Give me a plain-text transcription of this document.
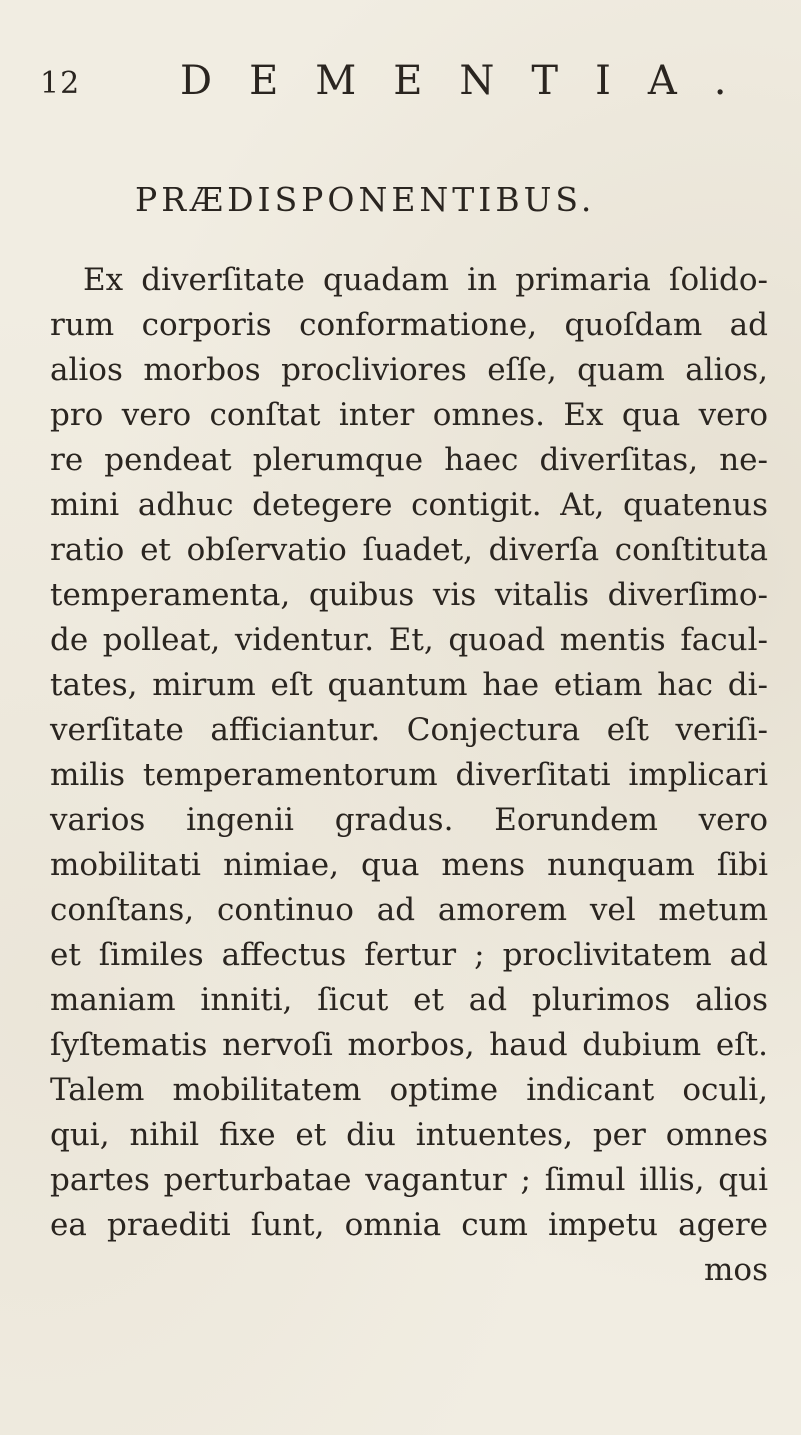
12 DEMENTIA.
PRÆDISPONENTIBUS.
Ex diverſitate quadam in primaria ſolido-
rum corporis conformatione, quoſdam ad
alios morbos procliviores eſſe, quam alios,
pro vero conſtat inter omnes. Ex qua vero
re pendeat plerumque haec diverſitas, ne-
mini adhuc detegere contigit. At, quatenus
ratio et obſervatio ſuadet, diverſa conſtituta
temperamenta, quibus vis vitalis diverſimo-
de polleat, videntur. Et, quoad mentis facul-
tates, mirum eſt quantum hae etiam hac di-
verſitate afficiantur. Conjectura eſt veriſi-
milis temperamentorum diverſitati implicari
varios ingenii gradus. Eorundem vero
mobilitati nimiae, qua mens nunquam ſibi
conſtans, continuo ad amorem vel metum
et ſimiles affectus fertur ; proclivitatem ad
maniam inniti, ſicut et ad plurimos alios
ſyſtematis nervoſi morbos, haud dubium eſt.
Talem mobilitatem optime indicant oculi,
qui, nihil fixe et diu intuentes, per omnes
partes perturbatae vagantur ; ſimul illis, qui
ea praediti ſunt, omnia cum impetu agere
mos
